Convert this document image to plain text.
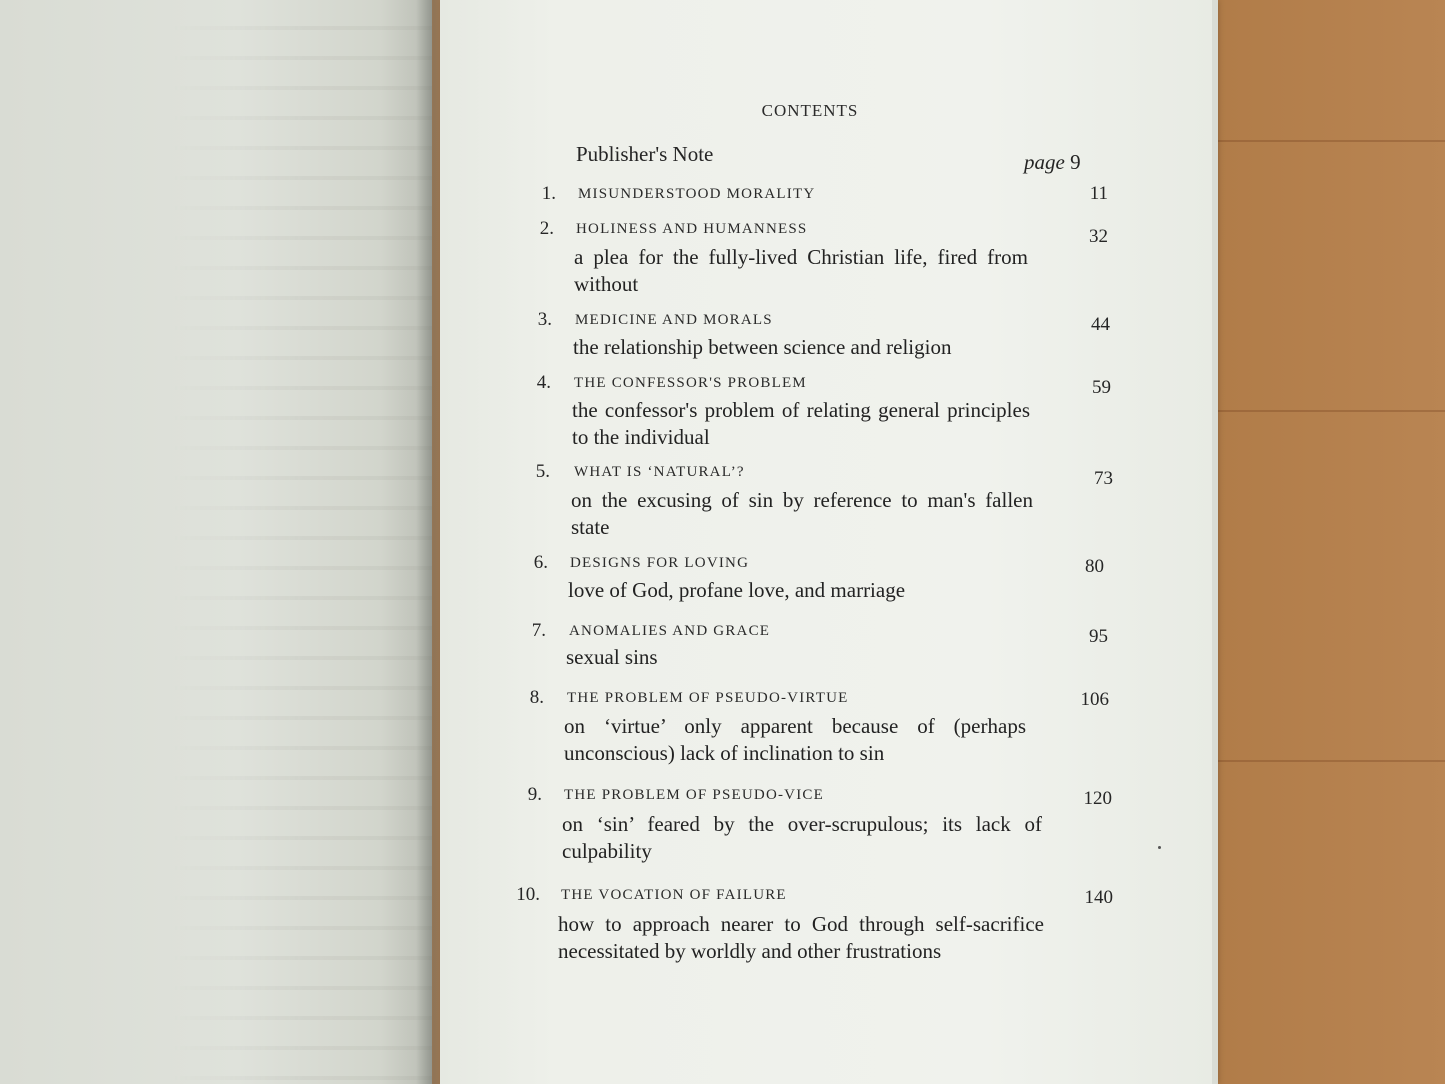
CONTENTS
Publisher's Note	page 9
1. MISUNDERSTOOD MORALITY	11
2. HOLINESS AND HUMANNESS
a plea for the fully-lived Christian life, fired from without
32
3. MEDICINE AND MORALS
the relationship between science and religion
44
4. THE CONFESSOR'S PROBLEM
the confessor's problem of relating general principles to the individual
59
5. WHAT IS ‘NATURAL’?
on the excusing of sin by reference to man's fallen state
73
6. DESIGNS FOR LOVING
love of God, profane love, and marriage
80
7. ANOMALIES AND GRACE
sexual sins
95
8. THE PROBLEM OF PSEUDO-VIRTUE
on ‘virtue’ only apparent because of (perhaps unconscious) lack of inclination to sin
106
9. THE PROBLEM OF PSEUDO-VICE
on ‘sin’ feared by the over-scrupulous; its lack of culpability
120
10. THE VOCATION OF FAILURE
how to approach nearer to God through self-sacrifice necessitated by worldly and other frustrations
140
